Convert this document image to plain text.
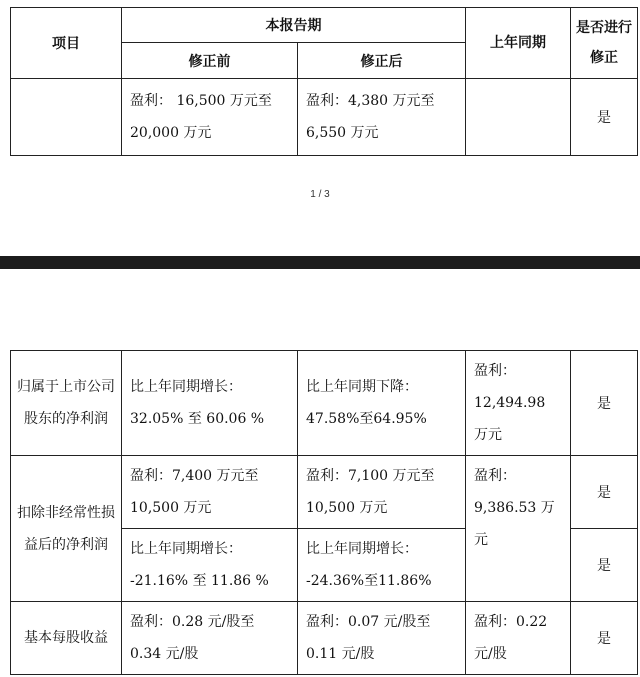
项目	本报告期		上年同期	是否进行修正
	修正前	修正后		
	盈利： 16,500 万元至 20,000 万元	盈利：4,380 万元至 6,550 万元		是
1 / 3
归属于上市公司股东的净利润	比上年同期增长： 32.05% 至 60.06 %	比上年同期下降： 47.58%至64.95%	盈利： 12,494.98 万元	是
扣除非经常性损益后的净利润	盈利：7,400 万元至 10,500 万元	盈利：7,100 万元至 10,500 万元	盈利： 9,386.53 万元	是
	比上年同期增长： -21.16% 至 11.86 %	比上年同期增长： -24.36%至11.86%		是
基本每股收益	盈利：0.28 元/股至 0.34 元/股	盈利：0.07 元/股至 0.11 元/股	盈利：0.22 元/股	是
